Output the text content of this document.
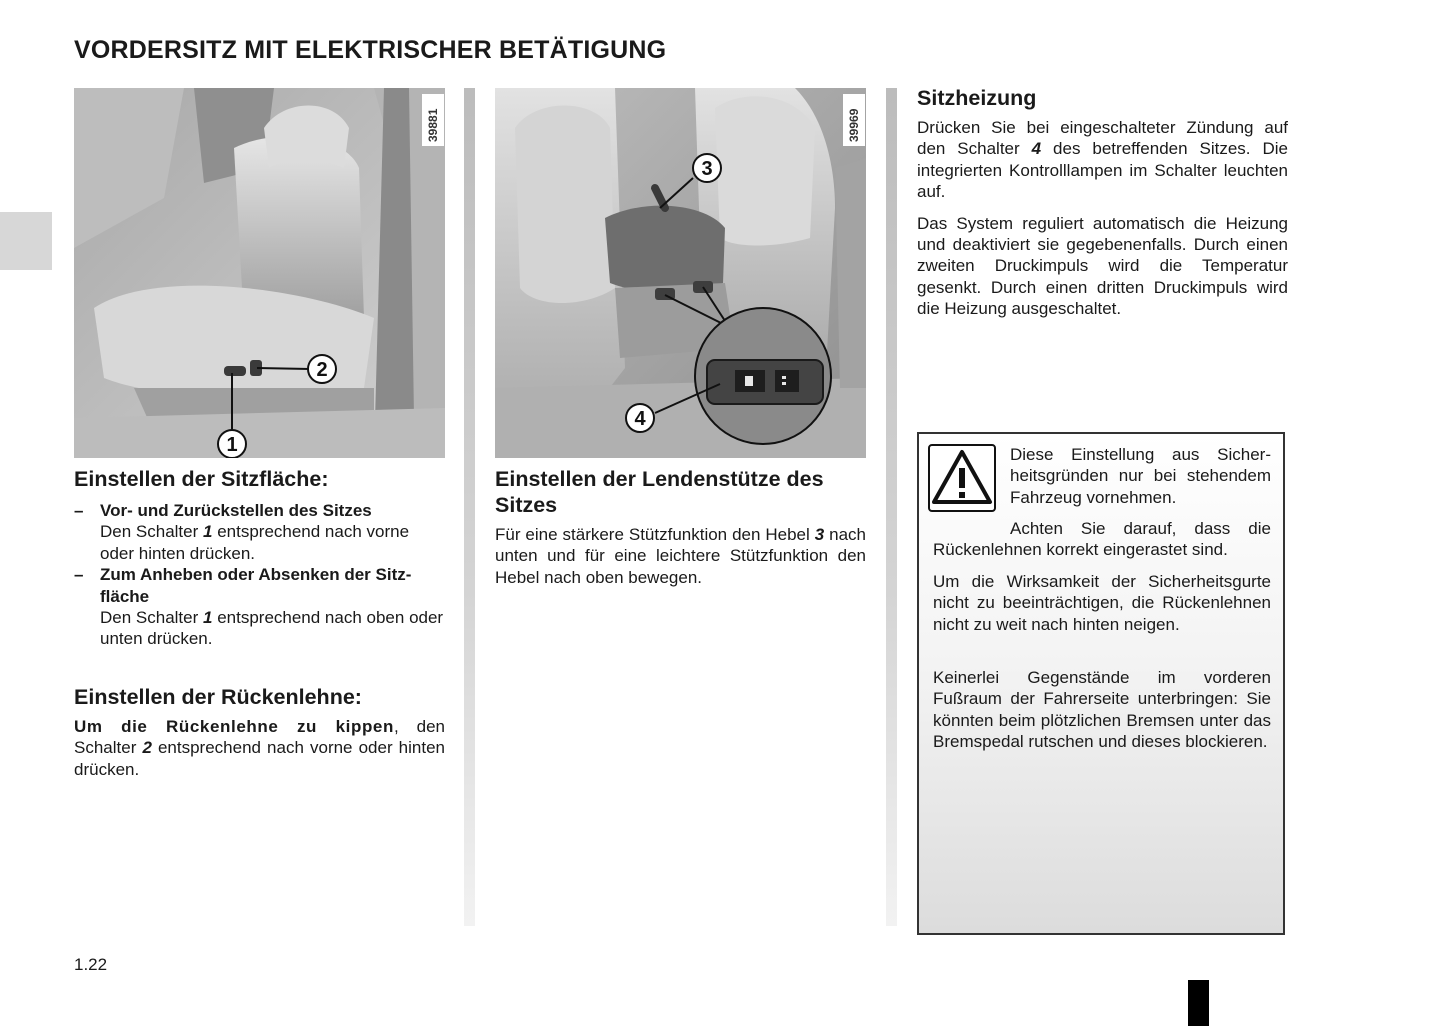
VORDERSITZ MIT ELEKTRISCHER BETÄTIGUNG
39881
1
2
39969
3
4
Einstellen der Sitzfläche:
– Vor- und Zurückstellen des Sitzes
Den Schalter 1 entsprechend nach vorne oder hinten drücken.
– Zum Anheben oder Absenken der Sitzfläche
Den Schalter 1 entsprechend nach oben oder unten drücken.
Einstellen der Rückenlehne:
Um die Rückenlehne zu kippen, den Schalter 2 entsprechend nach vorne oder hinten drücken.
Einstellen der Lendenstütze des Sitzes
Für eine stärkere Stützfunktion den Hebel 3 nach unten und für eine leichtere Stützfunktion den Hebel nach oben bewegen.
Sitzheizung
Drücken Sie bei eingeschalteter Zündung auf den Schalter 4 des betreffenden Sitzes. Die integrierten Kontrolllampen im Schalter leuchten auf.
Das System reguliert automatisch die Heizung und deaktiviert sie gegebenenfalls. Durch einen zweiten Druckimpuls wird die Temperatur gesenkt. Durch einen dritten Druckimpuls wird die Heizung ausgeschaltet.
Diese Einstellung aus Sicherheitsgründen nur bei stehendem Fahrzeug vornehmen.
Achten Sie darauf, dass die Rückenlehnen korrekt eingerastet sind.
Um die Wirksamkeit der Sicherheitsgurte nicht zu beeinträchtigen, die Rückenlehnen nicht zu weit nach hinten neigen.
Keinerlei Gegenstände im vorderen Fußraum der Fahrerseite unterbringen: Sie könnten beim plötzlichen Bremsen unter das Bremspedal rutschen und dieses blockieren.
1.22
